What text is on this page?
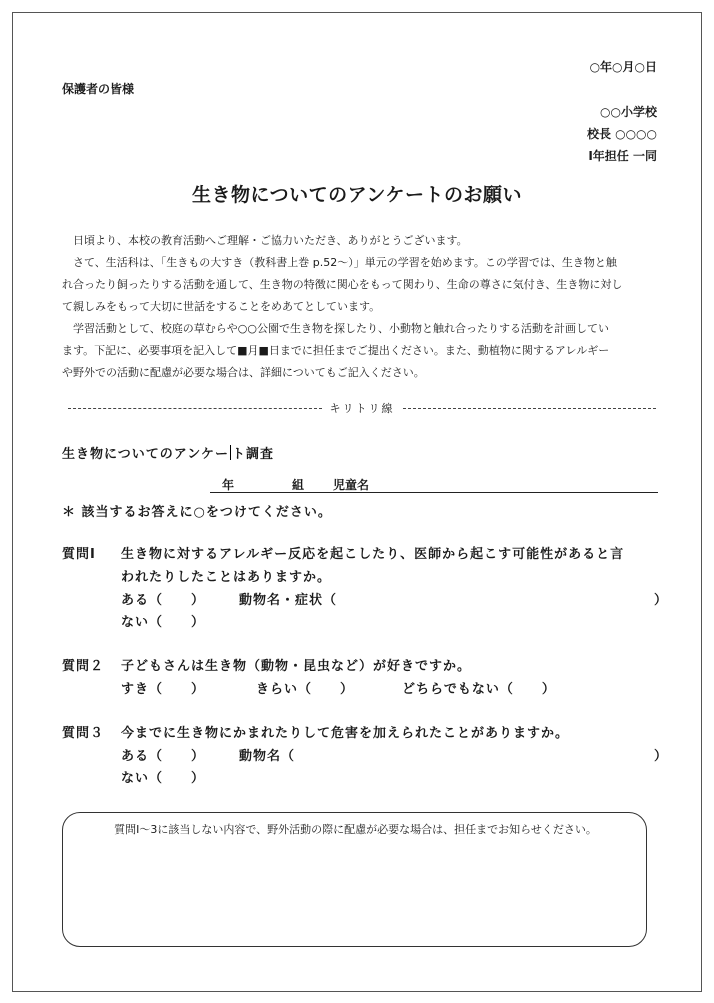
○年○月○日
保護者の皆様
○○小学校
校長 ○○○○
Ⅰ年担任 一同
生き物についてのアンケートのお願い
　日頃より、本校の教育活動へご理解・ご協力いただき、ありがとうございます。
　さて、生活科は、「生きもの大すき（教科書上巻 p.52～）」単元の学習を始めます。この学習では、生き物と触
れ合ったり飼ったりする活動を通して、生き物の特徴に関心をもって関わり、生命の尊さに気付き、生き物に対し
て親しみをもって大切に世話をすることをめあてとしています。
　学習活動として、校庭の草むらや○○公園で生き物を探したり、小動物と触れ合ったりする活動を計画してい
ます。下記に、必要事項を記入して■月■日までに担任までご提出ください。また、動植物に関するアレルギー
や野外での活動に配慮が必要な場合は、詳細についてもご記入ください。
キリトリ線
生き物についてのアンケー ト調査
年	組 児童名
＊ 該当するお答えに○をつけてください。
質問Ⅰ 生き物に対するアレルギー反応を起こしたり、医師から起こす可能性があると言
われたりしたことはありますか。
ある（　　）	動物名・症状（	）
ない（　　）
質問２ 子どもさんは生き物（動物・昆虫など）が好きですか。
すき（　　）	きらい（　　）	どちらでもない（　　）
質問３ 今までに生き物にかまれたりして危害を加えられたことがありますか。
ある（　　）	動物名（	）
ない（　　）
質問Ⅰ～3に該当しない内容で、野外活動の際に配慮が必要な場合は、担任までお知らせください。
